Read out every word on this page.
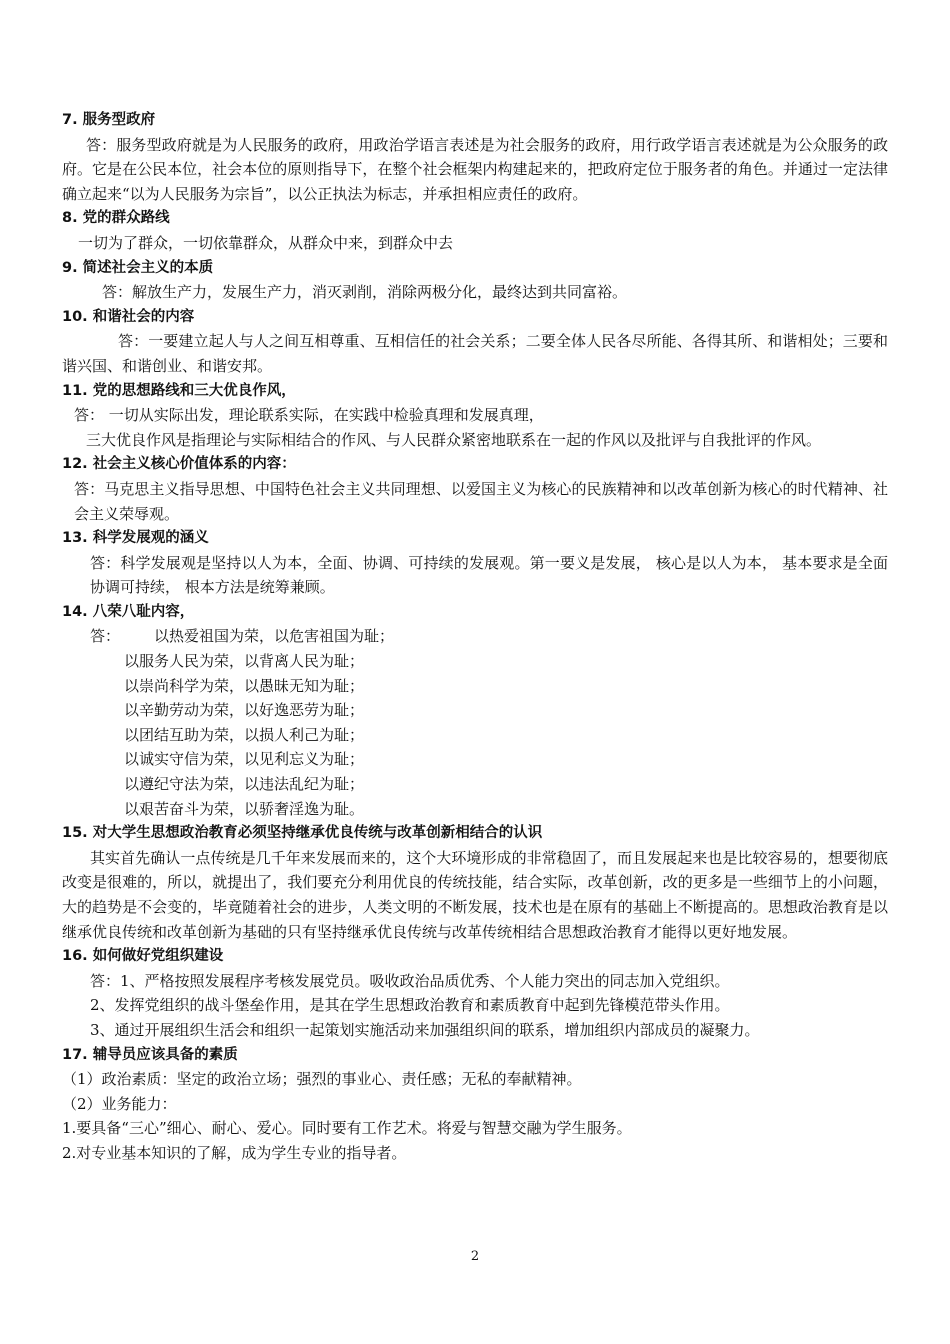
7. 服务型政府

答：服务型政府就是为人民服务的政府，用政治学语言表述是为社会服务的政府，用行政学语言表述就是为公众服务的政府。它是在公民本位，社会本位的原则指导下，在整个社会框架内构建起来的，把政府定位于服务者的角色。并通过一定法律确立起来“以为人民服务为宗旨”，以公正执法为标志，并承担相应责任的政府。

8. 党的群众路线

一切为了群众，一切依靠群众，从群众中来，到群众中去

9. 简述社会主义的本质

答：解放生产力，发展生产力，消灭剥削，消除两极分化，最终达到共同富裕。

10. 和谐社会的内容

答：一要建立起人与人之间互相尊重、互相信任的社会关系；二要全体人民各尽所能、各得其所、和谐相处；三要和谐兴国、和谐创业、和谐安邦。

11. 党的思想路线和三大优良作风，

答： 一切从实际出发，理论联系实际，在实践中检验真理和发展真理，

三大优良作风是指理论与实际相结合的作风、与人民群众紧密地联系在一起的作风以及批评与自我批评的作风。

12. 社会主义核心价值体系的内容：

答：马克思主义指导思想、中国特色社会主义共同理想、以爱国主义为核心的民族精神和以改革创新为核心的时代精神、社会主义荣辱观。

13. 科学发展观的涵义

答：科学发展观是坚持以人为本，全面、协调、可持续的发展观。第一要义是发展， 核心是以人为本， 基本要求是全面协调可持续， 根本方法是统筹兼顾。

14. 八荣八耻内容，

答： 以热爱祖国为荣，以危害祖国为耻；

以服务人民为荣，以背离人民为耻；

以崇尚科学为荣，以愚昧无知为耻；

以辛勤劳动为荣，以好逸恶劳为耻；

以团结互助为荣，以损人利己为耻；

以诚实守信为荣，以见利忘义为耻；

以遵纪守法为荣，以违法乱纪为耻；

以艰苦奋斗为荣，以骄奢淫逸为耻。

15. 对大学生思想政治教育必须坚持继承优良传统与改革创新相结合的认识

其实首先确认一点传统是几千年来发展而来的，这个大环境形成的非常稳固了，而且发展起来也是比较容易的，想要彻底改变是很难的，所以，就提出了，我们要充分利用优良的传统技能，结合实际，改革创新，改的更多是一些细节上的小问题，大的趋势是不会变的，毕竟随着社会的进步，人类文明的不断发展，技术也是在原有的基础上不断提高的。思想政治教育是以继承优良传统和改革创新为基础的只有坚持继承优良传统与改革传统相结合思想政治教育才能得以更好地发展。

16. 如何做好党组织建设

答：1、严格按照发展程序考核发展党员。吸收政治品质优秀、个人能力突出的同志加入党组织。

2、发挥党组织的战斗堡垒作用，是其在学生思想政治教育和素质教育中起到先锋模范带头作用。

3、通过开展组织生活会和组织一起策划实施活动来加强组织间的联系，增加组织内部成员的凝聚力。

17. 辅导员应该具备的素质

（1）政治素质：坚定的政治立场；强烈的事业心、责任感；无私的奉献精神。

（2）业务能力：

1.要具备“三心”细心、耐心、爱心。同时要有工作艺术。将爱与智慧交融为学生服务。

2.对专业基本知识的了解，成为学生专业的指导者。

2
